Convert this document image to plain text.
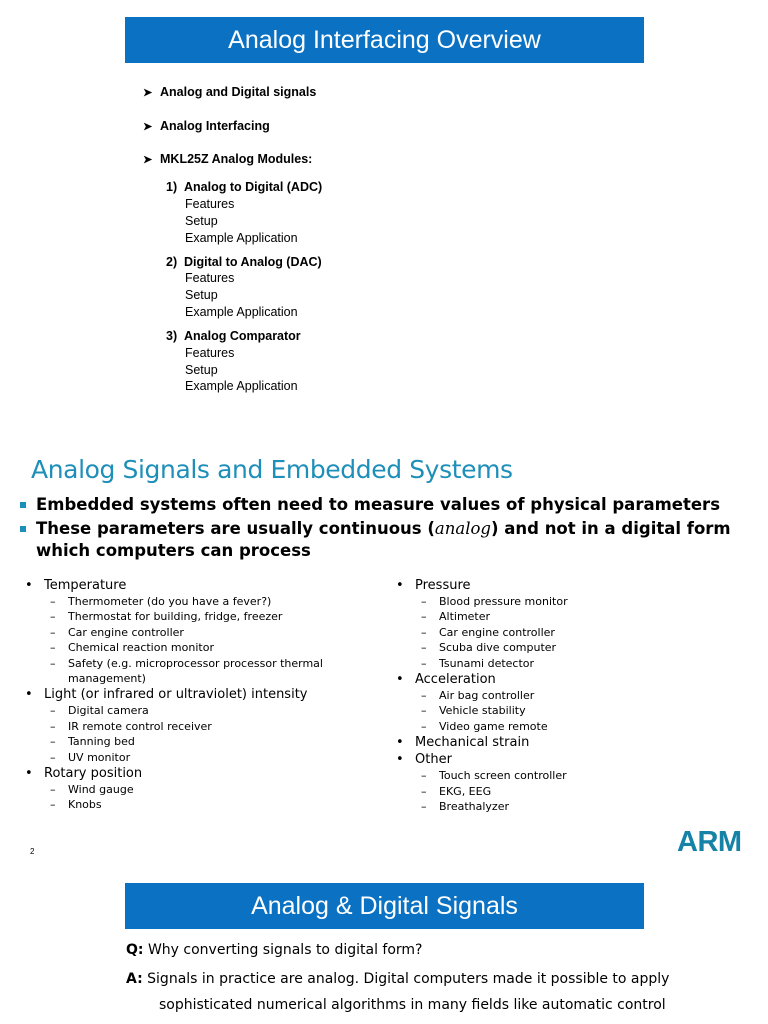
Analog Interfacing Overview
➤ Analog and Digital signals
➤ Analog Interfacing
➤ MKL25Z Analog Modules:
1) Analog to Digital (ADC)
Features
Setup
Example Application
2) Digital to Analog (DAC)
Features
Setup
Example Application
3) Analog Comparator
Features
Setup
Example Application
Analog Signals and Embedded Systems
Embedded systems often need to measure values of physical parameters
These parameters are usually continuous (analog) and not in a digital form which computers can process
• Temperature
– Thermometer (do you have a fever?)
– Thermostat for building, fridge, freezer
– Car engine controller
– Chemical reaction monitor
– Safety (e.g. microprocessor processor thermal management)
• Light (or infrared or ultraviolet) intensity
– Digital camera
– IR remote control receiver
– Tanning bed
– UV monitor
• Rotary position
– Wind gauge
– Knobs
• Pressure
– Blood pressure monitor
– Altimeter
– Car engine controller
– Scuba dive computer
– Tsunami detector
• Acceleration
– Air bag controller
– Vehicle stability
– Video game remote
• Mechanical strain
• Other
– Touch screen controller
– EKG, EEG
– Breathalyzer
2	ARM
Analog & Digital Signals
Q: Why converting signals to digital form?
A: Signals in practice are analog. Digital computers made it possible to apply
sophisticated numerical algorithms in many fields like automatic control
